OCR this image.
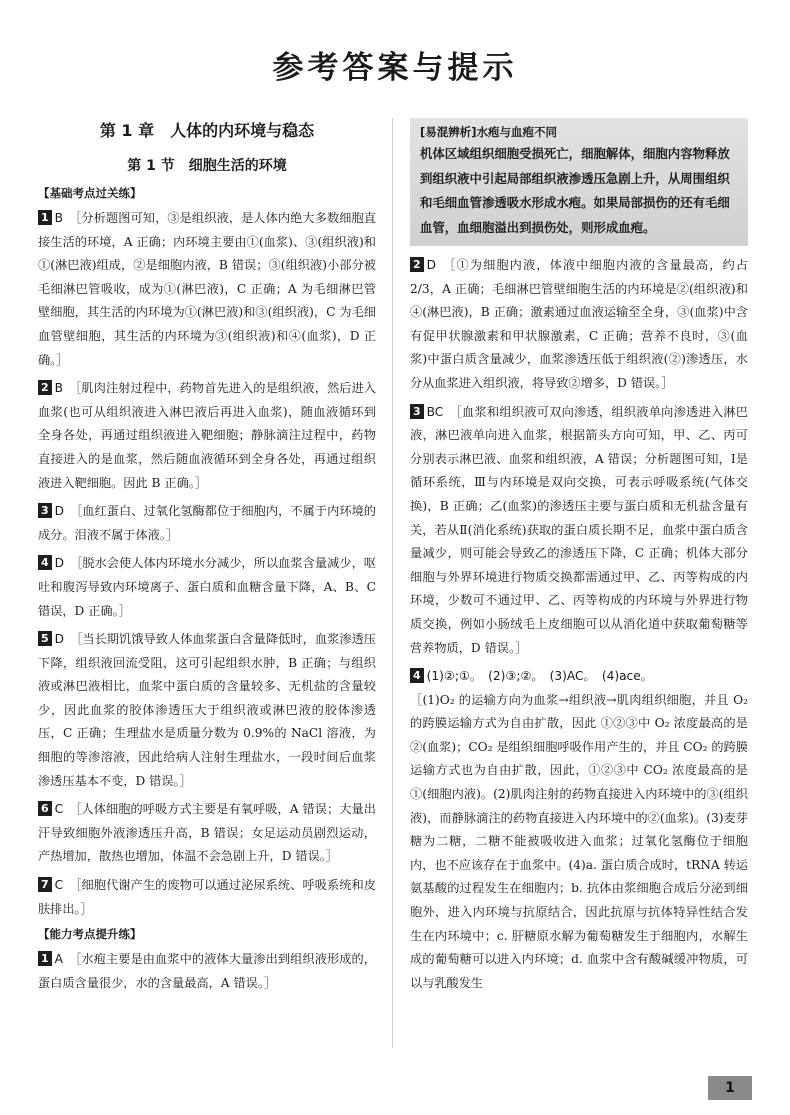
参考答案与提示
第 1 章　人体的内环境与稳态
第 1 节　细胞生活的环境
【基础考点过关练】
1 B ［分析题图可知，③是组织液，是人体内绝大多数细胞直接生活的环境，A 正确；内环境主要由①(血浆)、③(组织液)和①(淋巴液)组成，②是细胞内液，B 错误；③(组织液)小部分被毛细淋巴管吸收，成为①(淋巴液)，C 正确；A 为毛细淋巴管壁细胞，其生活的内环境为①(淋巴液)和③(组织液)，C 为毛细血管壁细胞，其生活的内环境为③(组织液)和④(血浆)，D 正确。］
2 B ［肌肉注射过程中，药物首先进入的是组织液，然后进入血浆(也可从组织液进入淋巴液后再进入血浆)，随血液循环到全身各处，再通过组织液进入靶细胞；静脉滴注过程中，药物直接进入的是血浆，然后随血液循环到全身各处，再通过组织液进入靶细胞。因此 B 正确。］
3 D ［血红蛋白、过氧化氢酶都位于细胞内，不属于内环境的成分。泪液不属于体液。］
4 D ［脱水会使人体内环境水分减少，所以血浆含量减少，呕吐和腹泻导致内环境离子、蛋白质和血糖含量下降，A、B、C 错误，D 正确。］
5 D ［当长期饥饿导致人体血浆蛋白含量降低时，血浆渗透压下降，组织液回流受阻，这可引起组织水肿，B 正确；与组织液或淋巴液相比，血浆中蛋白质的含量较多、无机盐的含量较少，因此血浆的胶体渗透压大于组织液或淋巴液的胶体渗透压，C 正确；生理盐水是质量分数为 0.9%的 NaCl 溶液，为细胞的等渗溶液，因此给病人注射生理盐水，一段时间后血浆渗透压基本不变，D 错误。］
6 C ［人体细胞的呼吸方式主要是有氧呼吸，A 错误；大量出汗导致细胞外液渗透压升高，B 错误；女足运动员剧烈运动，产热增加，散热也增加，体温不会急剧上升，D 错误。］
7 C ［细胞代谢产生的废物可以通过泌尿系统、呼吸系统和皮肤排出。］
【能力考点提升练】
1 A ［水疱主要是由血浆中的液体大量渗出到组织液形成的，蛋白质含量很少，水的含量最高，A 错误。］
[易混辨析]水疱与血疱不同
机体区域组织细胞受损死亡，细胞解体，细胞内容物释放到组织液中引起局部组织液渗透压急剧上升，从周围组织和毛细血管渗透吸水形成水疱。如果局部损伤的还有毛细血管，血细胞溢出到损伤处，则形成血疱。
2 D ［①为细胞内液，体液中细胞内液的含量最高，约占 2/3，A 正确；毛细淋巴管壁细胞生活的内环境是②(组织液)和④(淋巴液)，B 正确；激素通过血液运输至全身，③(血浆)中含有促甲状腺激素和甲状腺激素，C 正确；营养不良时，③(血浆)中蛋白质含量减少，血浆渗透压低于组织液(②)渗透压，水分从血浆进入组织液，将导致②增多，D 错误。］
3 BC ［血浆和组织液可双向渗透，组织液单向渗透进入淋巴液，淋巴液单向进入血浆，根据箭头方向可知，甲、乙、丙可分别表示淋巴液、血浆和组织液，A 错误；分析题图可知，Ⅰ是循环系统，Ⅲ与内环境是双向交换，可表示呼吸系统(气体交换)，B 正确；乙(血浆)的渗透压主要与蛋白质和无机盐含量有关，若从Ⅱ(消化系统)获取的蛋白质长期不足，血浆中蛋白质含量减少，则可能会导致乙的渗透压下降，C 正确；机体大部分细胞与外界环境进行物质交换都需通过甲、乙、丙等构成的内环境，少数可不通过甲、乙、丙等构成的内环境与外界进行物质交换，例如小肠绒毛上皮细胞可以从消化道中获取葡萄糖等营养物质，D 错误。］
4 (1)②;①。　(2)③;②。　(3)AC。　(4)ace。
［(1)O₂ 的运输方向为血浆→组织液→肌肉组织细胞，并且 O₂ 的跨膜运输方式为自由扩散，因此 ①②③中 O₂ 浓度最高的是②(血浆)；CO₂ 是组织细胞呼吸作用产生的，并且 CO₂ 的跨膜运输方式也为自由扩散，因此，①②③中 CO₂ 浓度最高的是①(细胞内液)。(2)肌肉注射的药物直接进入内环境中的③(组织液)，而静脉滴注的药物直接进入内环境中的②(血浆)。(3)麦芽糖为二糖，二糖不能被吸收进入血浆；过氧化氢酶位于细胞内，也不应该存在于血浆中。(4)a. 蛋白质合成时，tRNA 转运氨基酸的过程发生在细胞内；b. 抗体由浆细胞合成后分泌到细胞外，进入内环境与抗原结合，因此抗原与抗体特异性结合发生在内环境中；c. 肝糖原水解为葡萄糖发生于细胞内，水解生成的葡萄糖可以进入内环境；d. 血浆中含有酸碱缓冲物质，可以与乳酸发生
1
